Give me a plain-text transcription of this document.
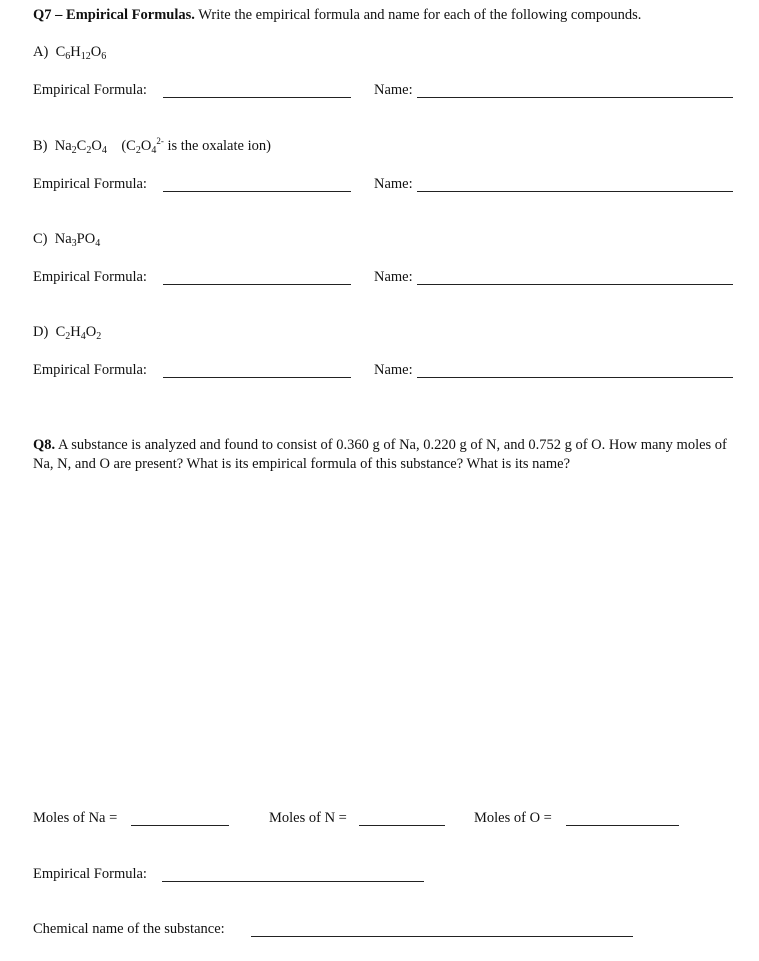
Q7 – Empirical Formulas. Write the empirical formula and name for each of the following compounds.
A) $C_6H_{12}O_6$
Empirical Formula:	Name:
B) $Na_2C_2O_4$ ($C_2O_4^{2-}$ is the oxalate ion)
Empirical Formula:	Name:
C) $Na_3PO_4$
Empirical Formula:	Name:
D) $C_2H_4O_2$
Empirical Formula:	Name:
Q8. A substance is analyzed and found to consist of 0.360 g of Na, 0.220 g of N, and 0.752 g of O. How many moles of Na, N, and O are present? What is its empirical formula of this substance? What is its name?
Moles of Na =	Moles of N =	Moles of O =
Empirical Formula:
Chemical name of the substance:
